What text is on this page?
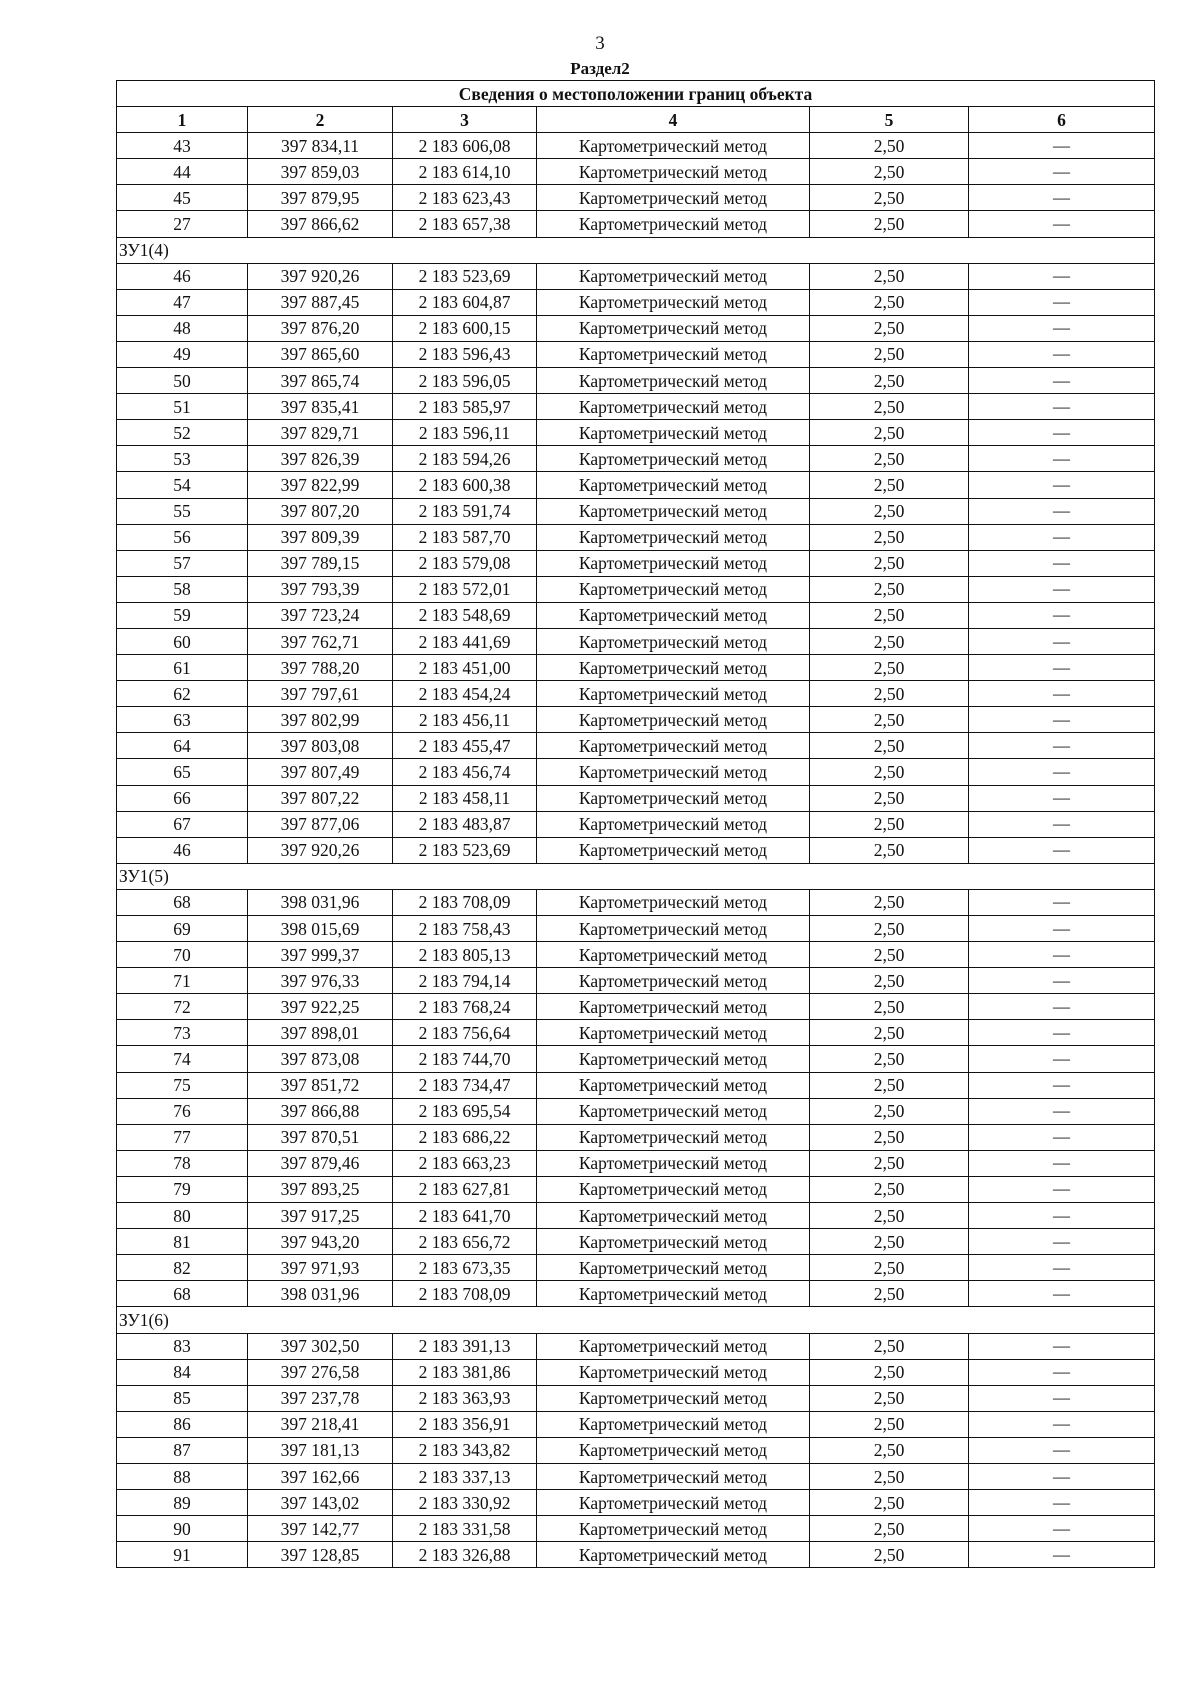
3
Раздел2
Сведения о местоположении границ объекта					
1	2	3	4	5	6
43	397 834,11	2 183 606,08	Картометрический метод	2,50	—
44	397 859,03	2 183 614,10	Картометрический метод	2,50	—
45	397 879,95	2 183 623,43	Картометрический метод	2,50	—
27	397 866,62	2 183 657,38	Картометрический метод	2,50	—
ЗУ1(4)					
46	397 920,26	2 183 523,69	Картометрический метод	2,50	—
47	397 887,45	2 183 604,87	Картометрический метод	2,50	—
48	397 876,20	2 183 600,15	Картометрический метод	2,50	—
49	397 865,60	2 183 596,43	Картометрический метод	2,50	—
50	397 865,74	2 183 596,05	Картометрический метод	2,50	—
51	397 835,41	2 183 585,97	Картометрический метод	2,50	—
52	397 829,71	2 183 596,11	Картометрический метод	2,50	—
53	397 826,39	2 183 594,26	Картометрический метод	2,50	—
54	397 822,99	2 183 600,38	Картометрический метод	2,50	—
55	397 807,20	2 183 591,74	Картометрический метод	2,50	—
56	397 809,39	2 183 587,70	Картометрический метод	2,50	—
57	397 789,15	2 183 579,08	Картометрический метод	2,50	—
58	397 793,39	2 183 572,01	Картометрический метод	2,50	—
59	397 723,24	2 183 548,69	Картометрический метод	2,50	—
60	397 762,71	2 183 441,69	Картометрический метод	2,50	—
61	397 788,20	2 183 451,00	Картометрический метод	2,50	—
62	397 797,61	2 183 454,24	Картометрический метод	2,50	—
63	397 802,99	2 183 456,11	Картометрический метод	2,50	—
64	397 803,08	2 183 455,47	Картометрический метод	2,50	—
65	397 807,49	2 183 456,74	Картометрический метод	2,50	—
66	397 807,22	2 183 458,11	Картометрический метод	2,50	—
67	397 877,06	2 183 483,87	Картометрический метод	2,50	—
46	397 920,26	2 183 523,69	Картометрический метод	2,50	—
ЗУ1(5)					
68	398 031,96	2 183 708,09	Картометрический метод	2,50	—
69	398 015,69	2 183 758,43	Картометрический метод	2,50	—
70	397 999,37	2 183 805,13	Картометрический метод	2,50	—
71	397 976,33	2 183 794,14	Картометрический метод	2,50	—
72	397 922,25	2 183 768,24	Картометрический метод	2,50	—
73	397 898,01	2 183 756,64	Картометрический метод	2,50	—
74	397 873,08	2 183 744,70	Картометрический метод	2,50	—
75	397 851,72	2 183 734,47	Картометрический метод	2,50	—
76	397 866,88	2 183 695,54	Картометрический метод	2,50	—
77	397 870,51	2 183 686,22	Картометрический метод	2,50	—
78	397 879,46	2 183 663,23	Картометрический метод	2,50	—
79	397 893,25	2 183 627,81	Картометрический метод	2,50	—
80	397 917,25	2 183 641,70	Картометрический метод	2,50	—
81	397 943,20	2 183 656,72	Картометрический метод	2,50	—
82	397 971,93	2 183 673,35	Картометрический метод	2,50	—
68	398 031,96	2 183 708,09	Картометрический метод	2,50	—
ЗУ1(6)					
83	397 302,50	2 183 391,13	Картометрический метод	2,50	—
84	397 276,58	2 183 381,86	Картометрический метод	2,50	—
85	397 237,78	2 183 363,93	Картометрический метод	2,50	—
86	397 218,41	2 183 356,91	Картометрический метод	2,50	—
87	397 181,13	2 183 343,82	Картометрический метод	2,50	—
88	397 162,66	2 183 337,13	Картометрический метод	2,50	—
89	397 143,02	2 183 330,92	Картометрический метод	2,50	—
90	397 142,77	2 183 331,58	Картометрический метод	2,50	—
91	397 128,85	2 183 326,88	Картометрический метод	2,50	—
